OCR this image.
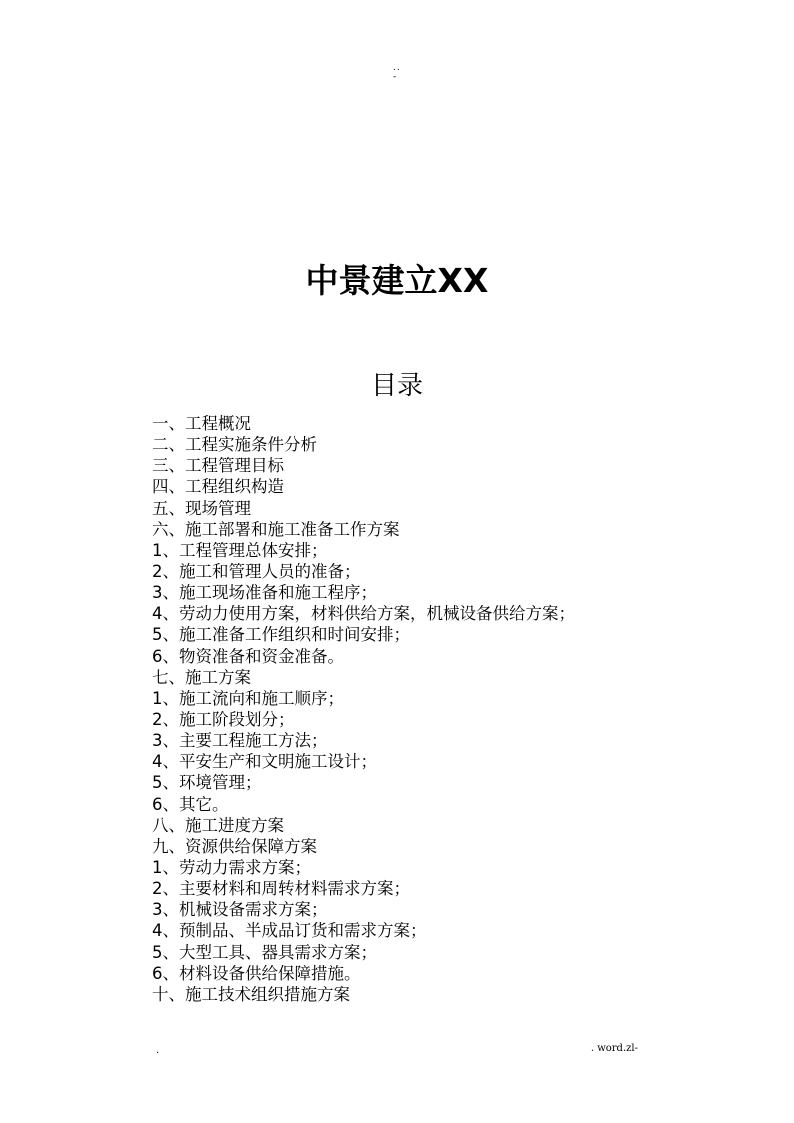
..
-
中景建立XX
目录
一、工程概况
二、工程实施条件分析
三、工程管理目标
四、工程组织构造
五、现场管理
六、施工部署和施工准备工作方案
1、工程管理总体安排；
2、施工和管理人员的准备；
3、施工现场准备和施工程序；
4、劳动力使用方案，材料供给方案，机械设备供给方案；
5、施工准备工作组织和时间安排；
6、物资准备和资金准备。
七、施工方案
1、施工流向和施工顺序；
2、施工阶段划分；
3、主要工程施工方法；
4、平安生产和文明施工设计；
5、环境管理；
6、其它。
八、施工进度方案
九、资源供给保障方案
1、劳动力需求方案；
2、主要材料和周转材料需求方案；
3、机械设备需求方案；
4、预制品、半成品订货和需求方案；
5、大型工具、器具需求方案；
6、材料设备供给保障措施。
十、施工技术组织措施方案
.	. word.zl-
